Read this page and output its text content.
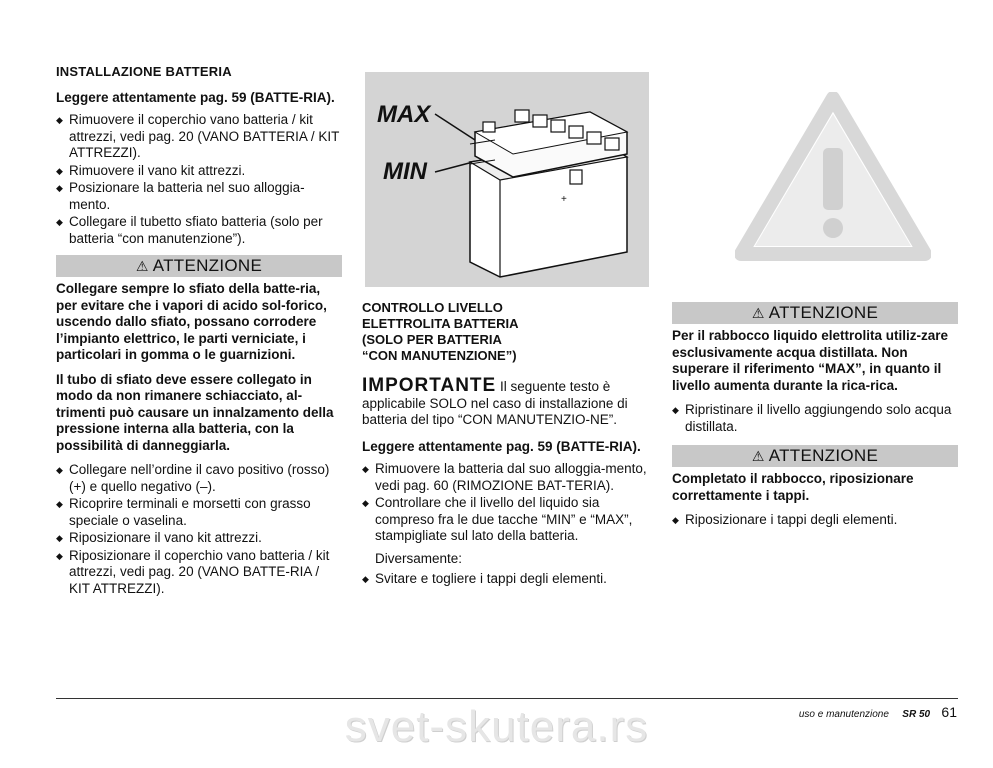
INSTALLAZIONE BATTERIA

Leggere attentamente pag. 59 (BATTE-RIA).

◆ Rimuovere il coperchio vano batteria / kit attrezzi, vedi pag. 20 (VANO BATTERIA / KIT ATTREZZI).
◆ Rimuovere il vano kit attrezzi.
◆ Posizionare la batteria nel suo alloggia-mento.
◆ Collegare il tubetto sfiato batteria (solo per batteria “con manutenzione”).
⚠ ATTENZIONE

Collegare sempre lo sfiato della batte-ria, per evitare che i vapori di acido sol-forico, uscendo dallo sfiato, possano corrodere l’impianto elettrico, le parti verniciate, i particolari in gomma o le guarnizioni.

Il tubo di sfiato deve essere collegato in modo da non rimanere schiacciato, al-trimenti può causare un innalzamento della pressione interna alla batteria, con la possibilità di danneggiarla.

◆ Collegare nell’ordine il cavo positivo (rosso) (+) e quello negativo (–).
◆ Ricoprire terminali e morsetti con grasso speciale o vaselina.
◆ Riposizionare il vano kit attrezzi.
◆ Riposizionare il coperchio vano batteria / kit attrezzi, vedi pag. 20 (VANO BATTE-RIA / KIT ATTREZZI).
MAX
MIN
+
CONTROLLO LIVELLO
ELETTROLITA BATTERIA
(SOLO PER BATTERIA
“CON MANUTENZIONE”)

IMPORTANTE Il seguente testo è applicabile SOLO nel caso di installazione di batteria del tipo “CON MANUTENZIO-NE”.

Leggere attentamente pag. 59 (BATTE-RIA).

◆ Rimuovere la batteria dal suo alloggia-mento, vedi pag. 60 (RIMOZIONE BAT-TERIA).
◆ Controllare che il livello del liquido sia compreso fra le due tacche “MIN” e “MAX”, stampigliate sul lato della batteria.

Diversamente:

◆ Svitare e togliere i tappi degli elementi.
⚠ ATTENZIONE

Per il rabbocco liquido elettrolita utiliz-zare esclusivamente acqua distillata. Non superare il riferimento “MAX”, in quanto il livello aumenta durante la rica-rica.

◆ Ripristinare il livello aggiungendo solo acqua distillata.
⚠ ATTENZIONE

Completato il rabbocco, riposizionare correttamente i tappi.

◆ Riposizionare i tappi degli elementi.
svet-skutera.rs	uso e manutenzione SR 50 61
